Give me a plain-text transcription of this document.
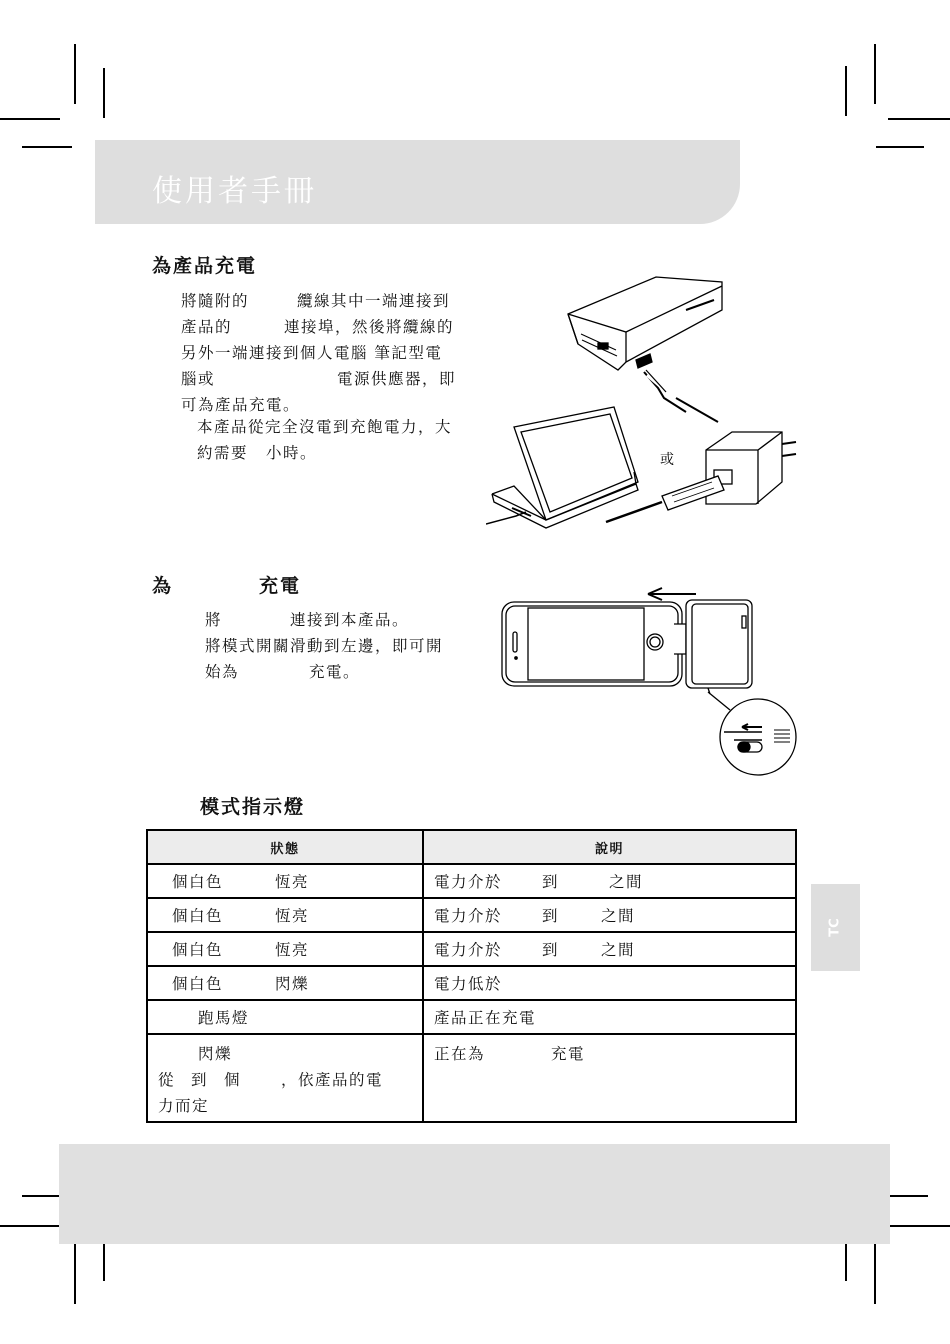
使用者手冊
為產品充電
將隨附的	纜線其中一端連接到
產品的	連接埠，然後將纜線的
另外一端連接到個人電腦 筆記型電
腦或	電源供應器，即
可為產品充電。
本產品從完全沒電到充飽電力，大
約需要 小時。	或
為	充電
將	連接到本產品。
將模式開關滑動到左邊，即可開
始為	充電。
模式指示燈
狀態	說明
個白色 恆亮	電力介於 到 之間
個白色 恆亮	電力介於 到 之間
個白色 恆亮	電力介於 到 之間
個白色 閃爍	電力低於
跑馬燈	產品正在充電

閃爍
從 到 個 ，依產品的電
力而定	正在為 充電
TC
